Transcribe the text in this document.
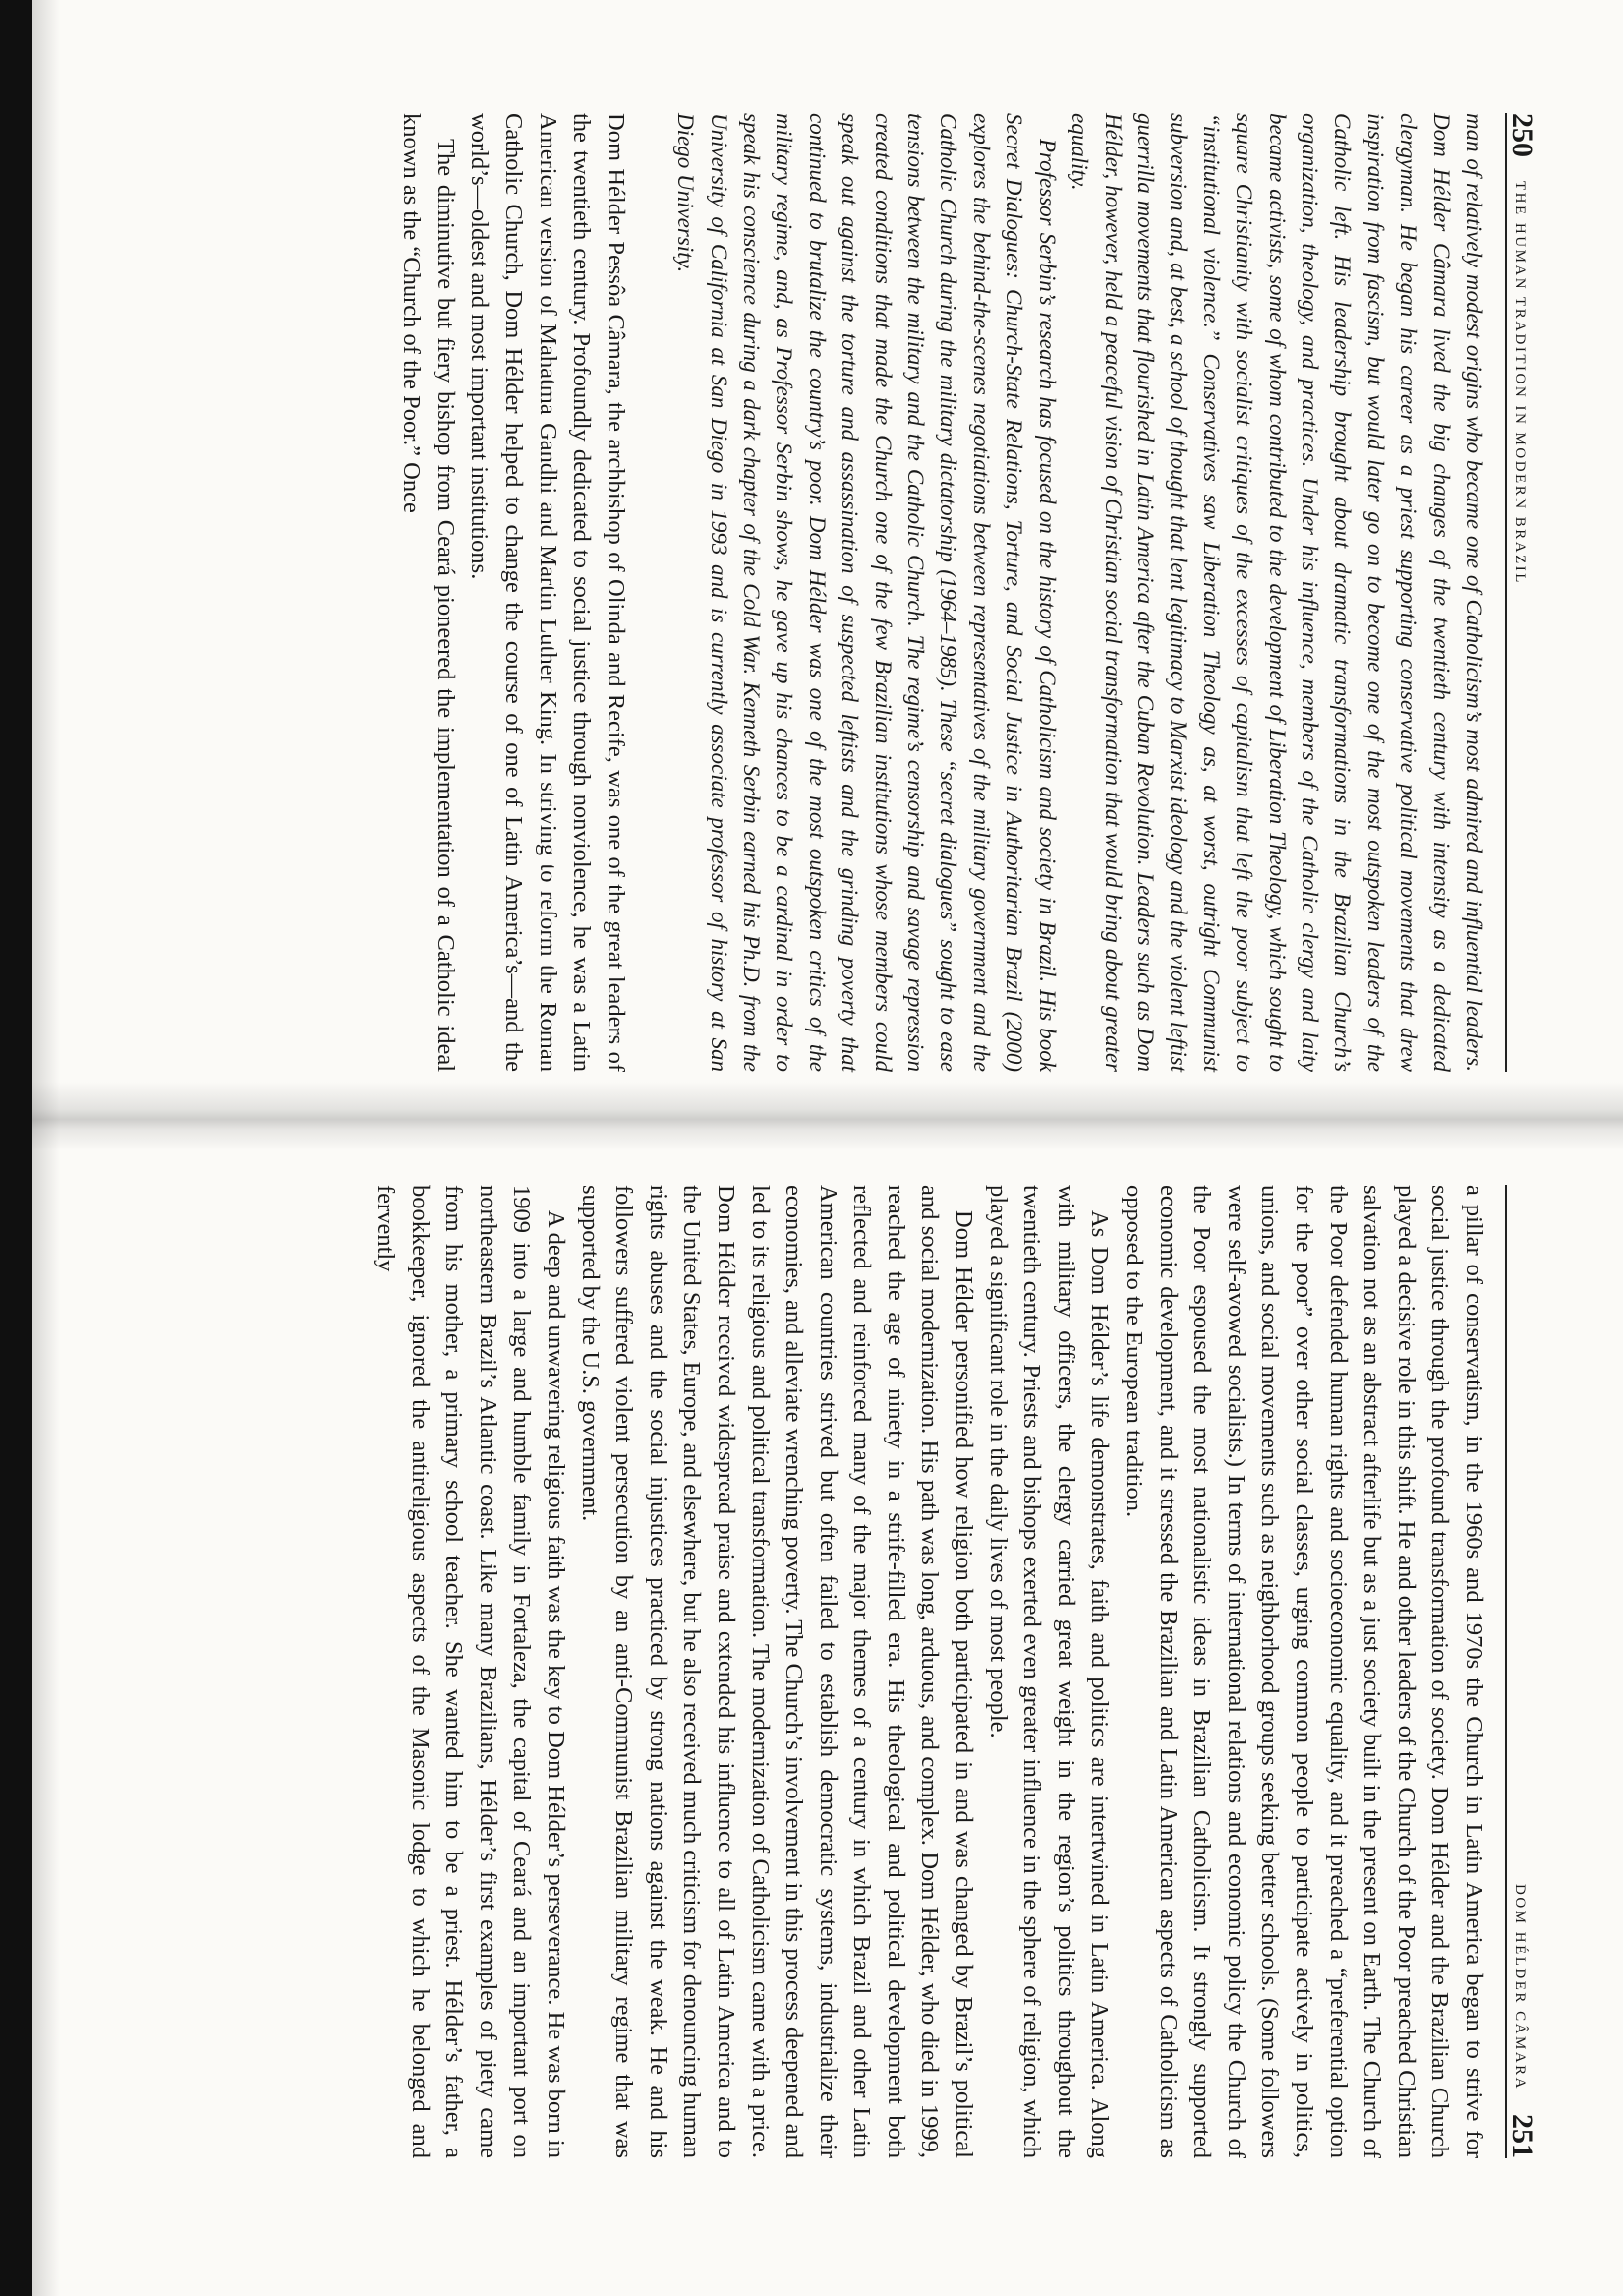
250
THE HUMAN TRADITION IN MODERN BRAZIL

man of relatively modest origins who became one of Catholicism’s most admired and influential leaders. Dom Hélder Câmara lived the big changes of the twentieth century with intensity as a dedicated clergyman. He began his career as a priest supporting conservative political movements that drew inspiration from fascism, but would later go on to become one of the most outspoken leaders of the Catholic left. His leadership brought about dramatic transformations in the Brazilian Church’s organization, theology, and practices. Under his influence, members of the Catholic clergy and laity became activists, some of whom contributed to the development of Liberation Theology, which sought to square Christianity with socialist critiques of the excesses of capitalism that left the poor subject to “institutional violence.” Conservatives saw Liberation Theology as, at worst, outright Communist subversion and, at best, a school of thought that lent legitimacy to Marxist ideology and the violent leftist guerrilla movements that flourished in Latin America after the Cuban Revolution. Leaders such as Dom Hélder, however, held a peaceful vision of Christian social transformation that would bring about greater equality.

Professor Serbin’s research has focused on the history of Catholicism and society in Brazil. His book Secret Dialogues: Church-State Relations, Torture, and Social Justice in Authoritarian Brazil (2000) explores the behind-the-scenes negotiations between representatives of the military government and the Catholic Church during the military dictatorship (1964–1985). These “secret dialogues” sought to ease tensions between the military and the Catholic Church. The regime’s censorship and savage repression created conditions that made the Church one of the few Brazilian institutions whose members could speak out against the torture and assassination of suspected leftists and the grinding poverty that continued to brutalize the country’s poor. Dom Hélder was one of the most outspoken critics of the military regime, and, as Professor Serbin shows, he gave up his chances to be a cardinal in order to speak his conscience during a dark chapter of the Cold War. Kenneth Serbin earned his Ph.D. from the University of California at San Diego in 1993 and is currently associate professor of history at San Diego University.

Dom Hélder Pessôa Câmara, the archbishop of Olinda and Recife, was one of the great leaders of the twentieth century. Profoundly dedicated to social justice through nonviolence, he was a Latin American version of Mahatma Gandhi and Martin Luther King. In striving to reform the Roman Catholic Church, Dom Hélder helped to change the course of one of Latin America’s—and the world’s—oldest and most important institutions.

The diminutive but fiery bishop from Ceará pioneered the implementation of a Catholic ideal known as the “Church of the Poor.” Once

DOM HÉLDER CÂMARA
251

a pillar of conservatism, in the 1960s and 1970s the Church in Latin America began to strive for social justice through the profound transformation of society. Dom Hélder and the Brazilian Church played a decisive role in this shift. He and other leaders of the Church of the Poor preached Christian salvation not as an abstract afterlife but as a just society built in the present on Earth. The Church of the Poor defended human rights and socioeconomic equality, and it preached a “preferential option for the poor” over other social classes, urging common people to participate actively in politics, unions, and social movements such as neighborhood groups seeking better schools. (Some followers were self-avowed socialists.) In terms of international relations and economic policy the Church of the Poor espoused the most nationalistic ideas in Brazilian Catholicism. It strongly supported economic development, and it stressed the Brazilian and Latin American aspects of Catholicism as opposed to the European tradition.

As Dom Hélder’s life demonstrates, faith and politics are intertwined in Latin America. Along with military officers, the clergy carried great weight in the region’s politics throughout the twentieth century. Priests and bishops exerted even greater influence in the sphere of religion, which played a significant role in the daily lives of most people.

Dom Hélder personified how religion both participated in and was changed by Brazil’s political and social modernization. His path was long, arduous, and complex. Dom Hélder, who died in 1999, reached the age of ninety in a strife-filled era. His theological and political development both reflected and reinforced many of the major themes of a century in which Brazil and other Latin American countries strived but often failed to establish democratic systems, industrialize their economies, and alleviate wrenching poverty. The Church’s involvement in this process deepened and led to its religious and political transformation. The modernization of Catholicism came with a price. Dom Hélder received widespread praise and extended his influence to all of Latin America and to the United States, Europe, and elsewhere, but he also received much criticism for denouncing human rights abuses and the social injustices practiced by strong nations against the weak. He and his followers suffered violent persecution by an anti-Communist Brazilian military regime that was supported by the U.S. government.

A deep and unwavering religious faith was the key to Dom Hélder’s perseverance. He was born in 1909 into a large and humble family in Fortaleza, the capital of Ceará and an important port on northeastern Brazil’s Atlantic coast. Like many Brazilians, Hélder’s first examples of piety came from his mother, a primary school teacher. She wanted him to be a priest. Hélder’s father, a bookkeeper, ignored the antireligious aspects of the Masonic lodge to which he belonged and fervently
